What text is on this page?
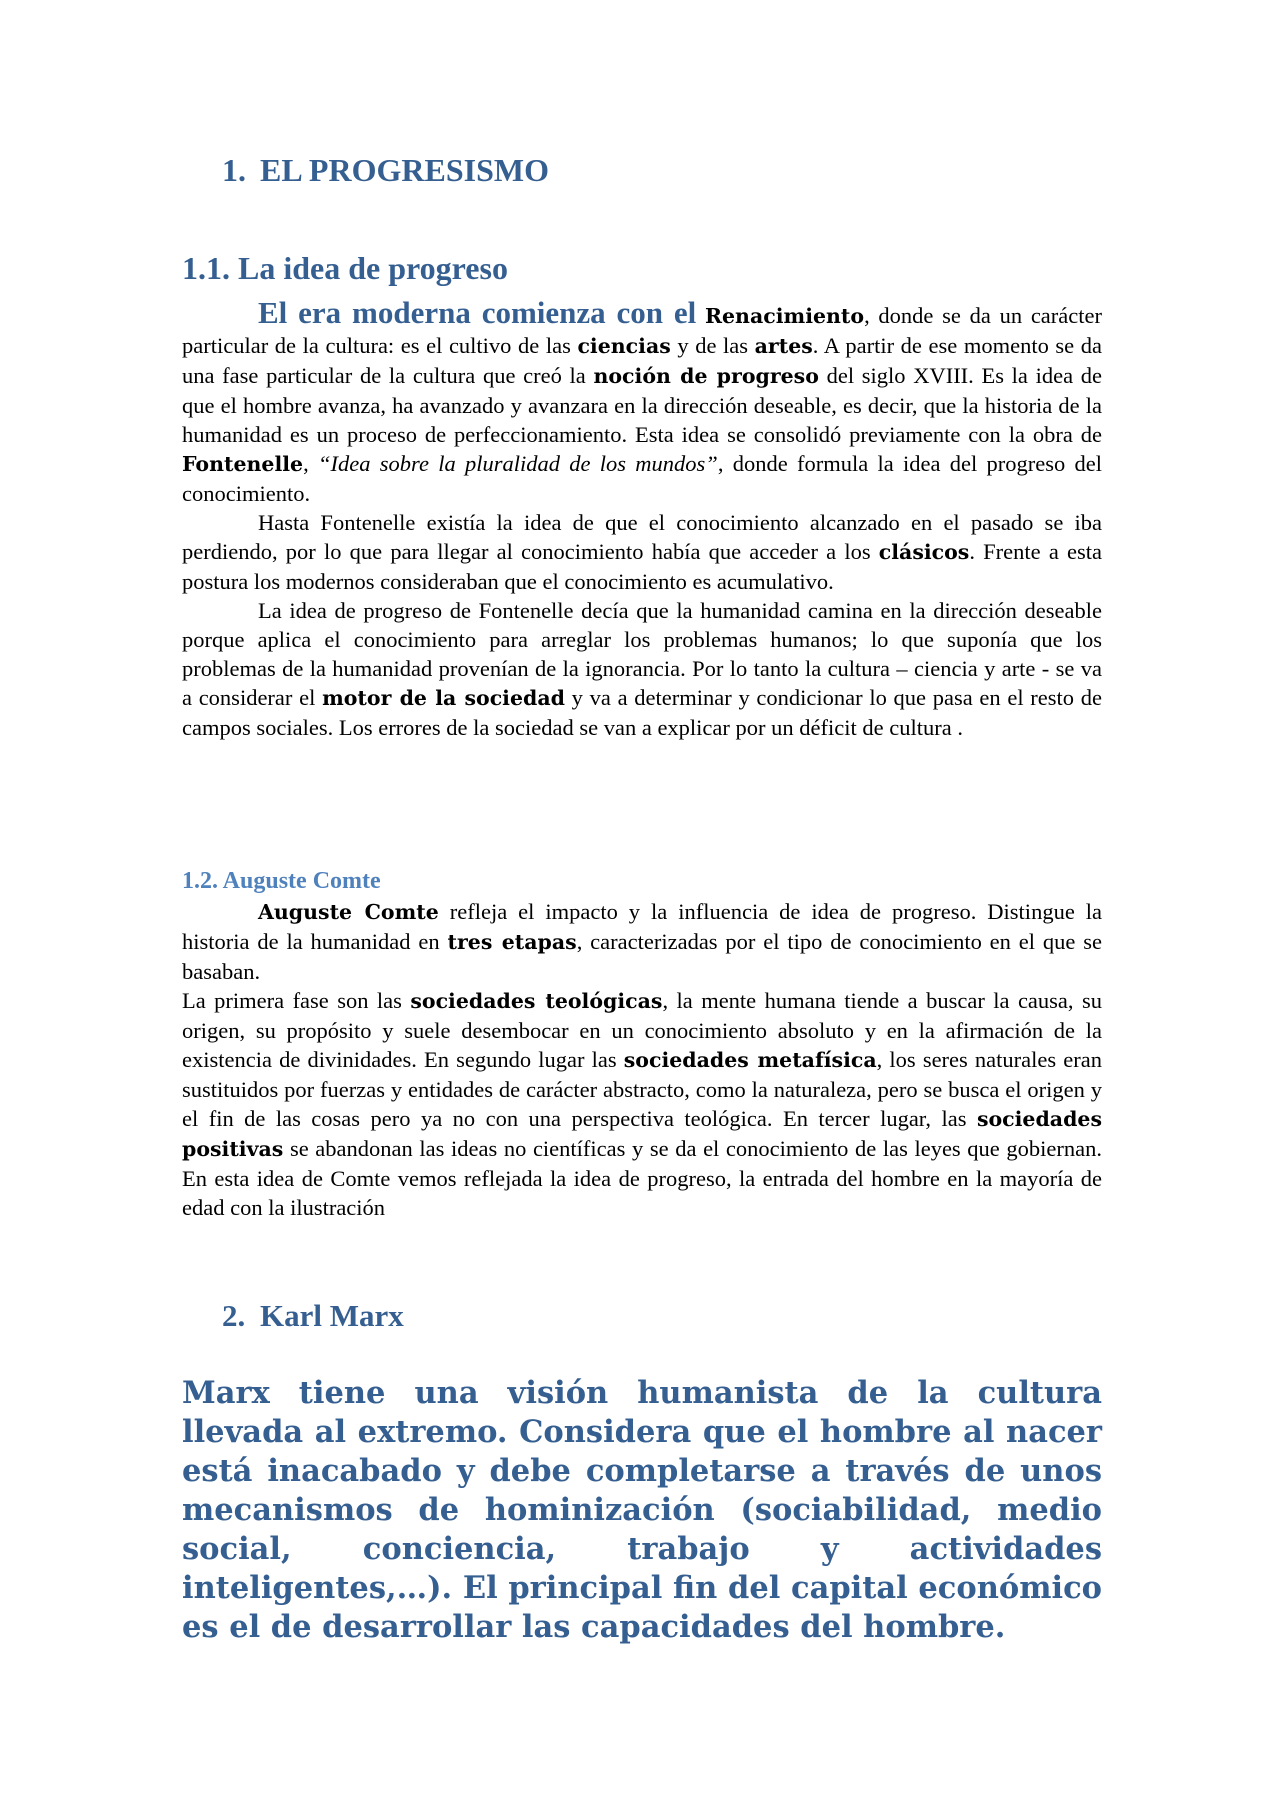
1. EL PROGRESISMO
1.1. La idea de progreso

El era moderna comienza con el Renacimiento, donde se da un carácter particular de la cultura: es el cultivo de las ciencias y de las artes. A partir de ese momento se da una fase particular de la cultura que creó la noción de progreso del siglo XVIII. Es la idea de que el hombre avanza, ha avanzado y avanzara en la dirección deseable, es decir, que la historia de la humanidad es un proceso de perfeccionamiento. Esta idea se consolidó previamente con la obra de Fontenelle, “Idea sobre la pluralidad de los mundos”, donde formula la idea del progreso del conocimiento.

Hasta Fontenelle existía la idea de que el conocimiento alcanzado en el pasado se iba perdiendo, por lo que para llegar al conocimiento había que acceder a los clásicos. Frente a esta postura los modernos consideraban que el conocimiento es acumulativo.

La idea de progreso de Fontenelle decía que la humanidad camina en la dirección deseable porque aplica el conocimiento para arreglar los problemas humanos; lo que suponía que los problemas de la humanidad provenían de la ignorancia. Por lo tanto la cultura – ciencia y arte - se va a considerar el motor de la sociedad y va a determinar y condicionar lo que pasa en el resto de campos sociales. Los errores de la sociedad se van a explicar por un déficit de cultura .

1.2. Auguste Comte

Auguste Comte refleja el impacto y la influencia de idea de progreso. Distingue la historia de la humanidad en tres etapas, caracterizadas por el tipo de conocimiento en el que se basaban.

La primera fase son las sociedades teológicas, la mente humana tiende a buscar la causa, su origen, su propósito y suele desembocar en un conocimiento absoluto y en la afirmación de la existencia de divinidades. En segundo lugar las sociedades metafísica, los seres naturales eran sustituidos por fuerzas y entidades de carácter abstracto, como la naturaleza, pero se busca el origen y el fin de las cosas pero ya no con una perspectiva teológica. En tercer lugar, las sociedades positivas se abandonan las ideas no científicas y se da el conocimiento de las leyes que gobiernan. En esta idea de Comte vemos reflejada la idea de progreso, la entrada del hombre en la mayoría de edad con la ilustración

2. Karl Marx

Marx tiene una visión humanista de la cultura llevada al extremo. Considera que el hombre al nacer está inacabado y debe completarse a través de unos mecanismos de hominización (sociabilidad, medio social, conciencia, trabajo y actividades inteligentes,…). El principal fin del capital económico es el de desarrollar las capacidades del hombre.
